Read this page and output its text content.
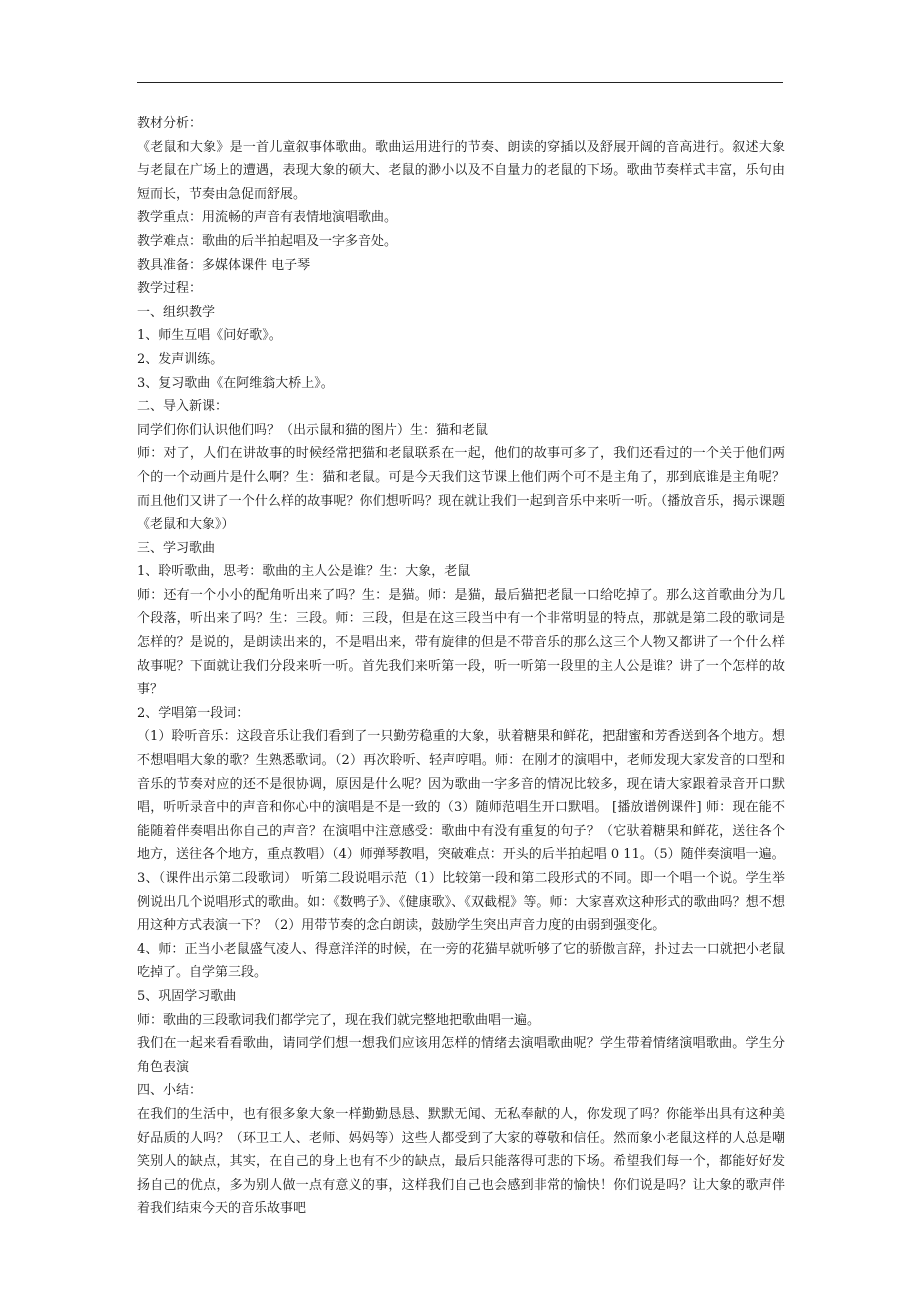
教材分析：

《老鼠和大象》是一首儿童叙事体歌曲。歌曲运用进行的节奏、朗读的穿插以及舒展开阔的音高进行。叙述大象与老鼠在广场上的遭遇，表现大象的硕大、老鼠的渺小以及不自量力的老鼠的下场。歌曲节奏样式丰富，乐句由短而长，节奏由急促而舒展。

教学重点：用流畅的声音有表情地演唱歌曲。

教学难点：歌曲的后半拍起唱及一字多音处。

教具准备：多媒体课件 电子琴

教学过程：

一、组织教学

1、师生互唱《问好歌》。

2、发声训练。

3、复习歌曲《在阿维翁大桥上》。

二、导入新课：

同学们你们认识他们吗？（出示鼠和猫的图片）生：猫和老鼠

师：对了，人们在讲故事的时候经常把猫和老鼠联系在一起，他们的故事可多了，我们还看过的一个关于他们两个的一个动画片是什么啊？生：猫和老鼠。可是今天我们这节课上他们两个可不是主角了，那到底谁是主角呢？而且他们又讲了一个什么样的故事呢？你们想听吗？现在就让我们一起到音乐中来听一听。（播放音乐，揭示课题《老鼠和大象》）

三、学习歌曲

1、聆听歌曲，思考：歌曲的主人公是谁？生：大象，老鼠

师：还有一个小小的配角听出来了吗？生：是猫。师：是猫，最后猫把老鼠一口给吃掉了。那么这首歌曲分为几个段落，听出来了吗？生：三段。师：三段，但是在这三段当中有一个非常明显的特点，那就是第二段的歌词是怎样的？是说的，是朗读出来的，不是唱出来，带有旋律的但是不带音乐的那么这三个人物又都讲了一个什么样故事呢？下面就让我们分段来听一听。首先我们来听第一段，听一听第一段里的主人公是谁？讲了一个怎样的故事？

2、学唱第一段词：

（1）聆听音乐：这段音乐让我们看到了一只勤劳稳重的大象，驮着糖果和鲜花，把甜蜜和芳香送到各个地方。想不想唱唱大象的歌？生熟悉歌词。（2）再次聆听、轻声哼唱。师：在刚才的演唱中，老师发现大家发音的口型和音乐的节奏对应的还不是很协调，原因是什么呢？因为歌曲一字多音的情况比较多，现在请大家跟着录音开口默唱，听听录音中的声音和你心中的演唱是不是一致的（3）随师范唱生开口默唱。 [播放谱例课件] 师：现在能不能随着伴奏唱出你自己的声音？在演唱中注意感受：歌曲中有没有重复的句子？（它驮着糖果和鲜花，送往各个地方，送往各个地方，重点教唱）（4）师弹琴教唱，突破难点：开头的后半拍起唱 0 11。（5）随伴奏演唱一遍。

3、（课件出示第二段歌词） 听第二段说唱示范（1）比较第一段和第二段形式的不同。即一个唱一个说。学生举例说出几个说唱形式的歌曲。如：《数鸭子》、《健康歌》、《双截棍》等。师：大家喜欢这种形式的歌曲吗？想不想用这种方式表演一下？（2）用带节奏的念白朗读，鼓励学生突出声音力度的由弱到强变化。

4、师：正当小老鼠盛气凌人、得意洋洋的时候，在一旁的花猫早就听够了它的骄傲言辞，扑过去一口就把小老鼠吃掉了。自学第三段。

5、巩固学习歌曲

师：歌曲的三段歌词我们都学完了，现在我们就完整地把歌曲唱一遍。

我们在一起来看看歌曲，请同学们想一想我们应该用怎样的情绪去演唱歌曲呢？学生带着情绪演唱歌曲。学生分角色表演

四、小结：

在我们的生活中，也有很多象大象一样勤勤恳恳、默默无闻、无私奉献的人，你发现了吗？你能举出具有这种美好品质的人吗？（环卫工人、老师、妈妈等）这些人都受到了大家的尊敬和信任。然而象小老鼠这样的人总是嘲笑别人的缺点，其实，在自己的身上也有不少的缺点，最后只能落得可悲的下场。希望我们每一个，都能好好发扬自己的优点，多为别人做一点有意义的事，这样我们自己也会感到非常的愉快！你们说是吗？让大象的歌声伴着我们结束今天的音乐故事吧
